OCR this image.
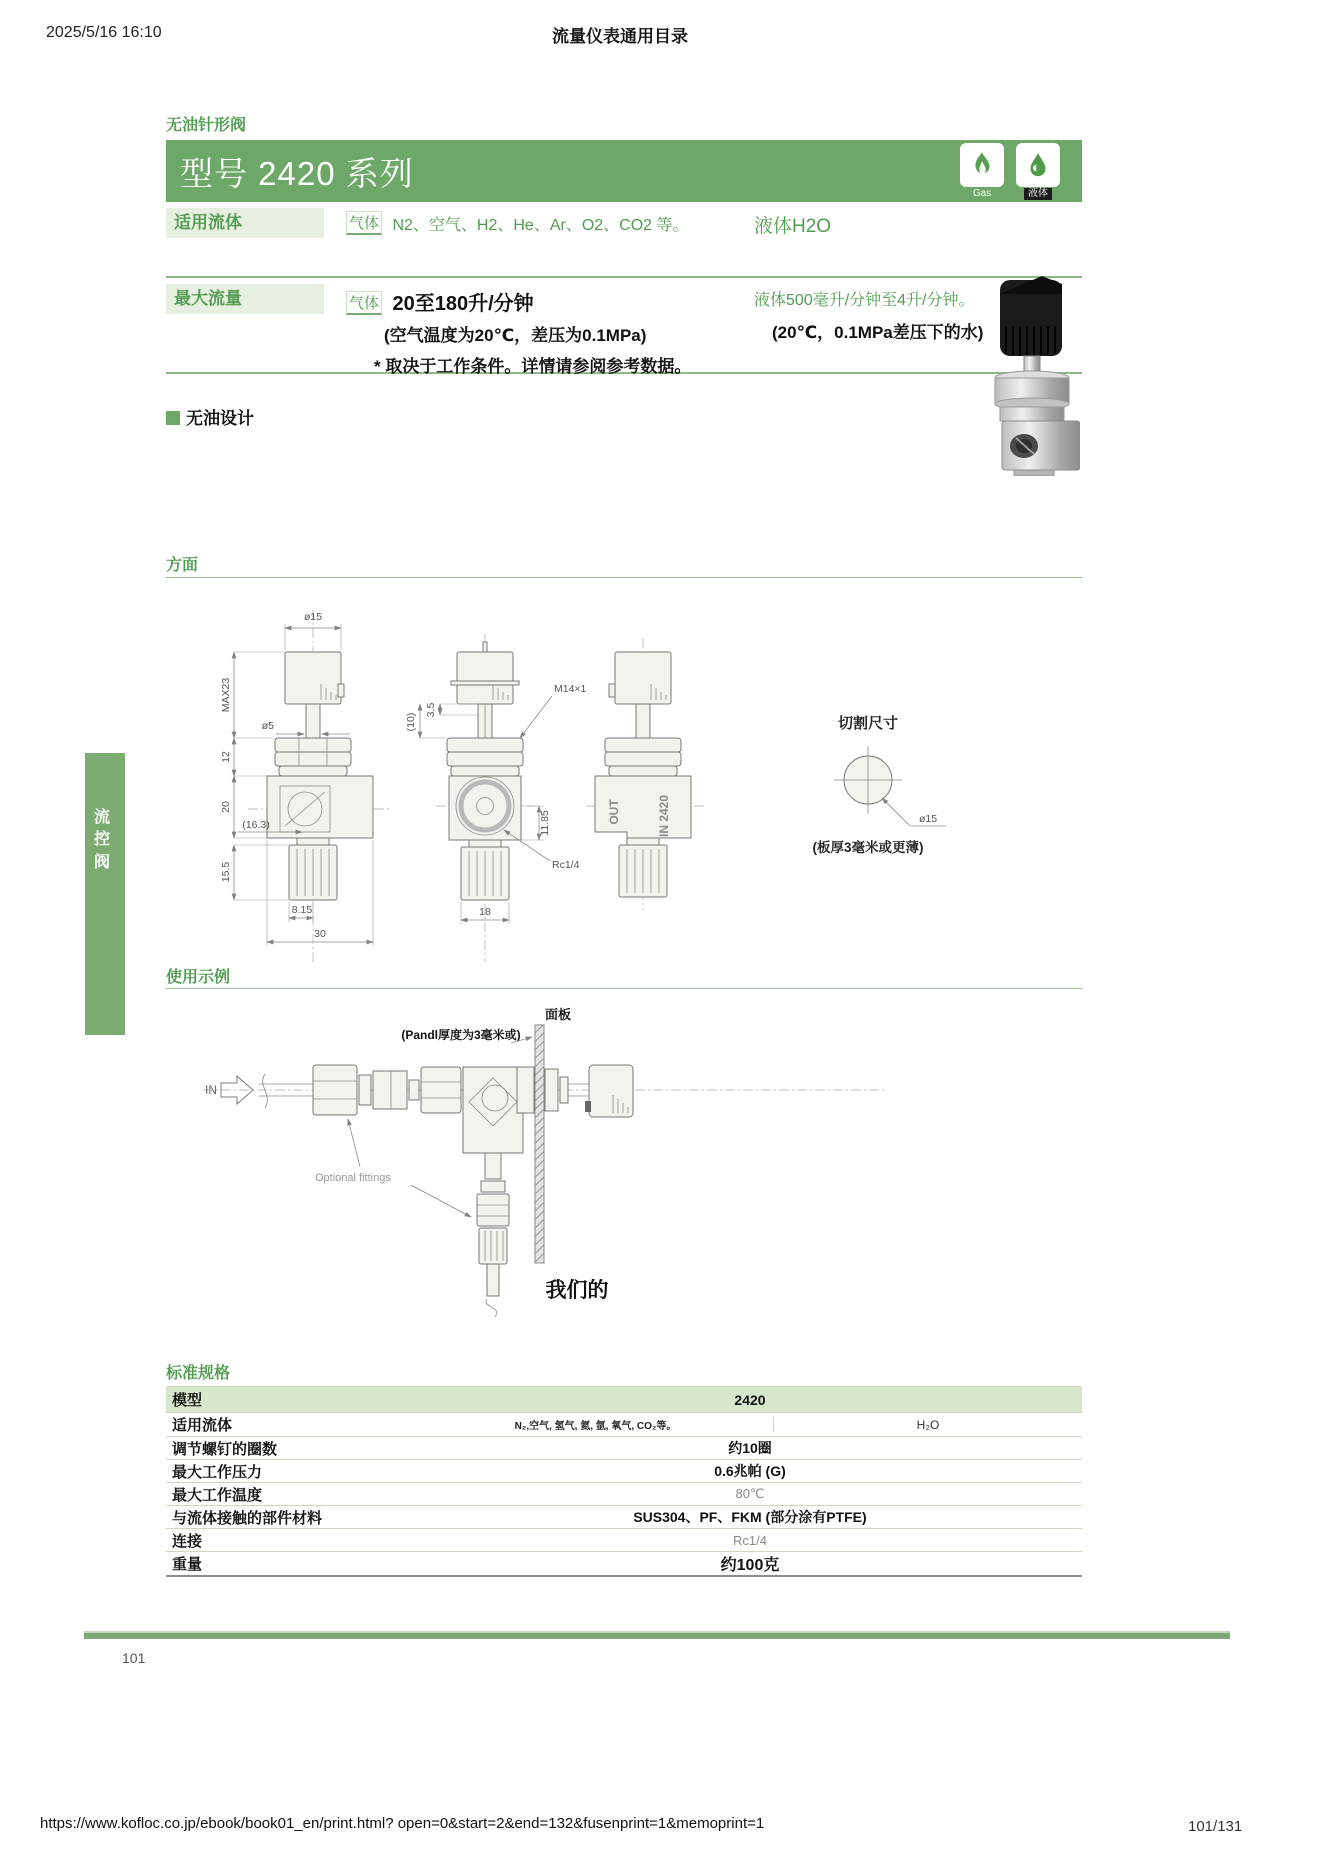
2025/5/16 16:10	流量仪表通用目录
无油针形阀
型号 2420 系列
Gas	液体
适用流体	气体 N2、空气、H2、He、Ar、O2、CO2 等。	液体H2O
最大流量	气体 20至180升/分钟
(空气温度为20℃，差压为0.1MPa)
* 取决于工作条件。详情请参阅参考数据。
液体500毫升/分钟至4升/分钟。
(20℃，0.1MPa差压下的水)
无油设计
方面
ø15
ø5
MAX23
12
20
(16.3)
15.5
8.15
30
3.5
(10)
M14×1
11.85
Rc1/4
18
OUT	IN 2420
切割尺寸
ø15
(板厚3毫米或更薄)
流控阀
使用示例
面板
(Pandl厚度为3毫米或)
IN
Optional fittings
我们的
标准规格
模型	2420
适用流体	N₂,空气, 氢气, 氦, 氩, 氧气, CO₂等。	H₂O
调节螺钉的圈数	约10圈
最大工作压力	0.6兆帕 (G)
最大工作温度	80℃
与流体接触的部件材料	SUS304、PF、FKM (部分涂有PTFE)
连接	Rc1/4
重量	约100克
101
https://www.kofloc.co.jp/ebook/book01_en/print.html? open=0&start=2&end=132&fusenprint=1&memoprint=1	101/131
